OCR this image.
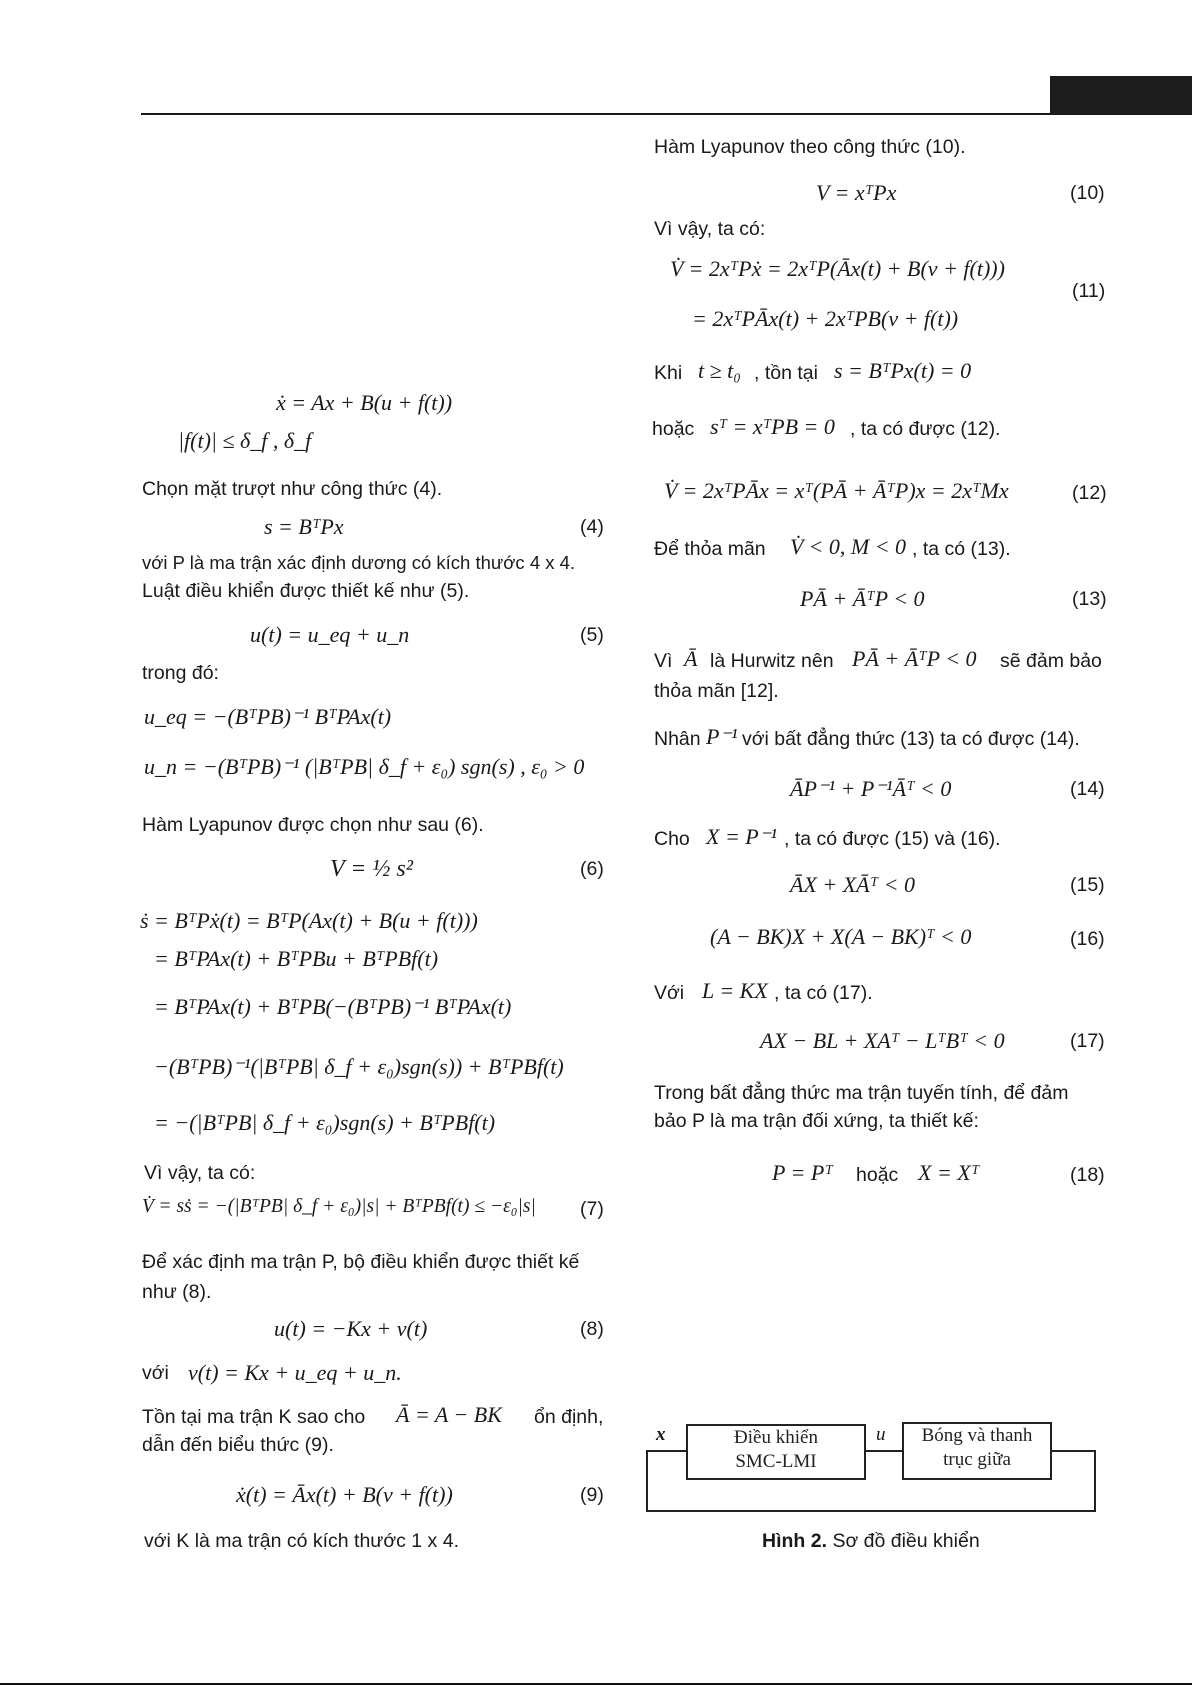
ẋ = Ax + B(u + f(t))
|f(t)| ≤ δ_f , δ_f
Chọn mặt trượt như công thức (4).
s = BᵀPx	(4)
với P là ma trận xác định dương có kích thước 4 x 4.
Luật điều khiển được thiết kế như (5).
u(t) = u_eq + u_n	(5)
trong đó:
u_eq = −(BᵀPB)⁻¹ BᵀPAx(t)
u_n = −(BᵀPB)⁻¹ (|BᵀPB| δ_f + ε₀) sgn(s) , ε₀ > 0
Hàm Lyapunov được chọn như sau (6).
V = ½ s²	(6)
ṡ = BᵀPẋ(t) = BᵀP(Ax(t) + B(u + f(t)))
= BᵀPAx(t) + BᵀPBu + BᵀPBf(t)
= BᵀPAx(t) + BᵀPB(−(BᵀPB)⁻¹ BᵀPAx(t)
−(BᵀPB)⁻¹(|BᵀPB| δ_f + ε₀)sgn(s)) + BᵀPBf(t)
= −(|BᵀPB| δ_f + ε₀)sgn(s) + BᵀPBf(t)
Vì vậy, ta có:
V̇ = sṡ = −(|BᵀPB| δ_f + ε₀)|s| + BᵀPBf(t) ≤ −ε₀|s| (7)
Để xác định ma trận P, bộ điều khiển được thiết kế như (8).
u(t) = −Kx + v(t)	(8)
với v(t) = Kx + u_eq + u_n.
Tồn tại ma trận K sao cho Ā = A − BK ổn định,
dẫn đến biểu thức (9).
ẋ(t) = Āx(t) + B(v + f(t))	(9)
với K là ma trận có kích thước 1 x 4.
Hàm Lyapunov theo công thức (10).
V = xᵀPx	(10)
Vì vậy, ta có:
V̇ = 2xᵀPẋ = 2xᵀP(Āx(t) + B(v + f(t)))
= 2xᵀPĀx(t) + 2xᵀPB(v + f(t))
(11)
Khi t ≥ t₀ , tồn tại s = BᵀPx(t) = 0
hoặc sᵀ = xᵀPB = 0 , ta có được (12).
V̇ = 2xᵀPĀx = xᵀ(PĀ + ĀᵀP)x = 2xᵀMx	(12)
Để thỏa mãn V̇ < 0, M < 0 , ta có (13).
PĀ + ĀᵀP < 0	(13)
Vì Ā là Hurwitz nên PĀ + ĀᵀP < 0 sẽ đảm bảo
thỏa mãn [12].
Nhân P⁻¹ với bất đẳng thức (13) ta có được (14).
ĀP⁻¹ + P⁻¹Āᵀ < 0	(14)
Cho X = P⁻¹ , ta có được (15) và (16).
ĀX + XĀᵀ < 0	(15)
(A − BK)X + X(A − BK)ᵀ < 0	(16)
Với L = KX , ta có (17).
AX − BL + XAᵀ − LᵀBᵀ < 0	(17)
Trong bất đẳng thức ma trận tuyến tính, để đảm
bảo P là ma trận đối xứng, ta thiết kế:
P = Pᵀ hoặc X = Xᵀ	(18)
x	Điều khiển
SMC-LMI
u	Bóng và thanh
trục giữa
Hình 2. Sơ đồ điều khiển
